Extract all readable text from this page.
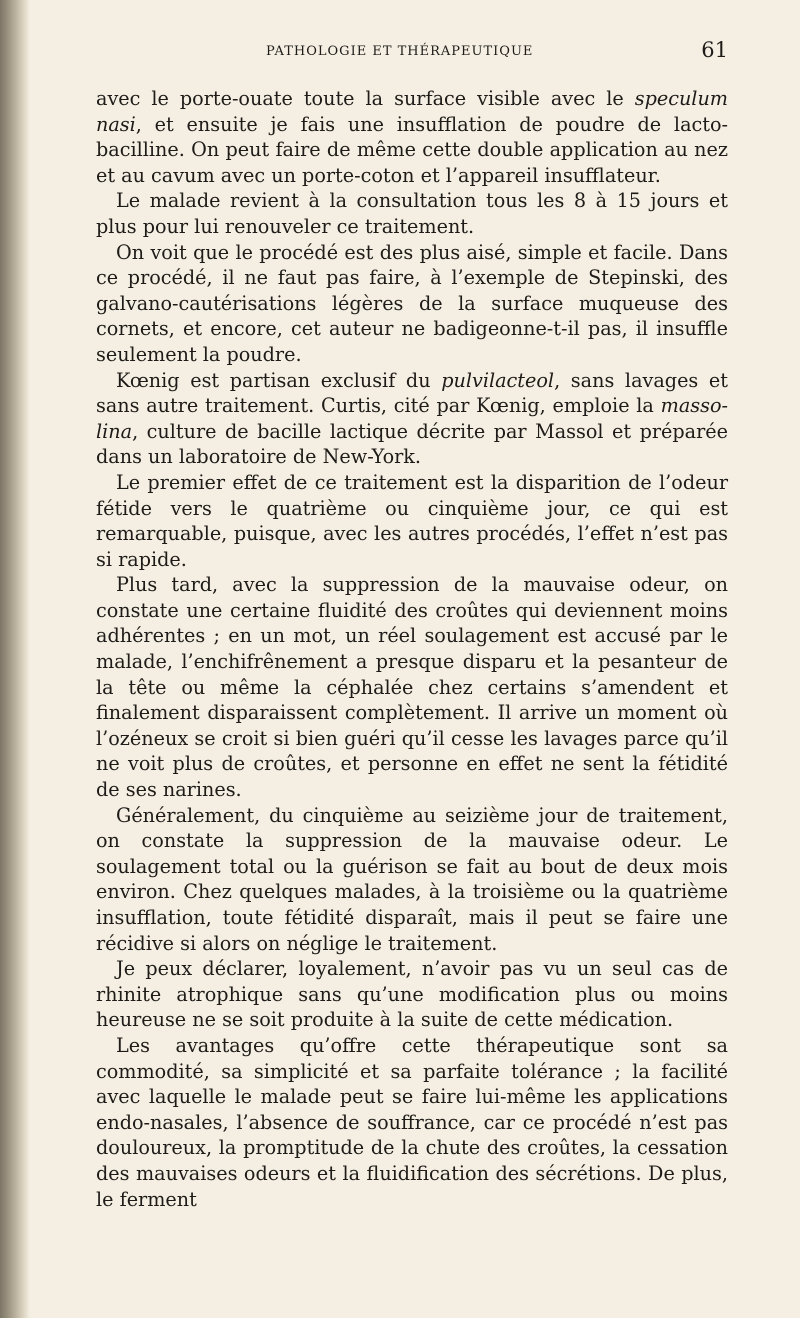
PATHOLOGIE ET THÉRAPEUTIQUE	61

avec le porte-ouate toute la surface visible avec le speculum nasi, et ensuite je fais une insufflation de poudre de lacto-bacilline. On peut faire de même cette double application au nez et au cavum avec un porte-coton et l’appareil insufflateur.

Le malade revient à la consultation tous les 8 à 15 jours et plus pour lui renouveler ce traitement.

On voit que le procédé est des plus aisé, simple et facile. Dans ce procédé, il ne faut pas faire, à l’exemple de Stepinski, des galvano-cautérisations légères de la surface muqueuse des cornets, et encore, cet auteur ne badigeonne-t-il pas, il insuffle seulement la poudre.

Kœnig est partisan exclusif du pulvilacteol, sans lavages et sans autre traitement. Curtis, cité par Kœnig, emploie la masso-lina, culture de bacille lactique décrite par Massol et préparée dans un laboratoire de New-York.

Le premier effet de ce traitement est la disparition de l’odeur fétide vers le quatrième ou cinquième jour, ce qui est remarquable, puisque, avec les autres procédés, l’effet n’est pas si rapide.

Plus tard, avec la suppression de la mauvaise odeur, on constate une certaine fluidité des croûtes qui deviennent moins adhérentes ; en un mot, un réel soulagement est accusé par le malade, l’enchifrênement a presque disparu et la pesanteur de la tête ou même la céphalée chez certains s’amendent et finalement disparaissent complètement. Il arrive un moment où l’ozéneux se croit si bien guéri qu’il cesse les lavages parce qu’il ne voit plus de croûtes, et personne en effet ne sent la fétidité de ses narines.

Généralement, du cinquième au seizième jour de traitement, on constate la suppression de la mauvaise odeur. Le soulagement total ou la guérison se fait au bout de deux mois environ. Chez quelques malades, à la troisième ou la quatrième insufflation, toute fétidité disparaît, mais il peut se faire une récidive si alors on néglige le traitement.

Je peux déclarer, loyalement, n’avoir pas vu un seul cas de rhinite atrophique sans qu’une modification plus ou moins heureuse ne se soit produite à la suite de cette médication.

Les avantages qu’offre cette thérapeutique sont sa commodité, sa simplicité et sa parfaite tolérance ; la facilité avec laquelle le malade peut se faire lui-même les applications endo-nasales, l’absence de souffrance, car ce procédé n’est pas douloureux, la promptitude de la chute des croûtes, la cessation des mauvaises odeurs et la fluidification des sécrétions. De plus, le ferment
